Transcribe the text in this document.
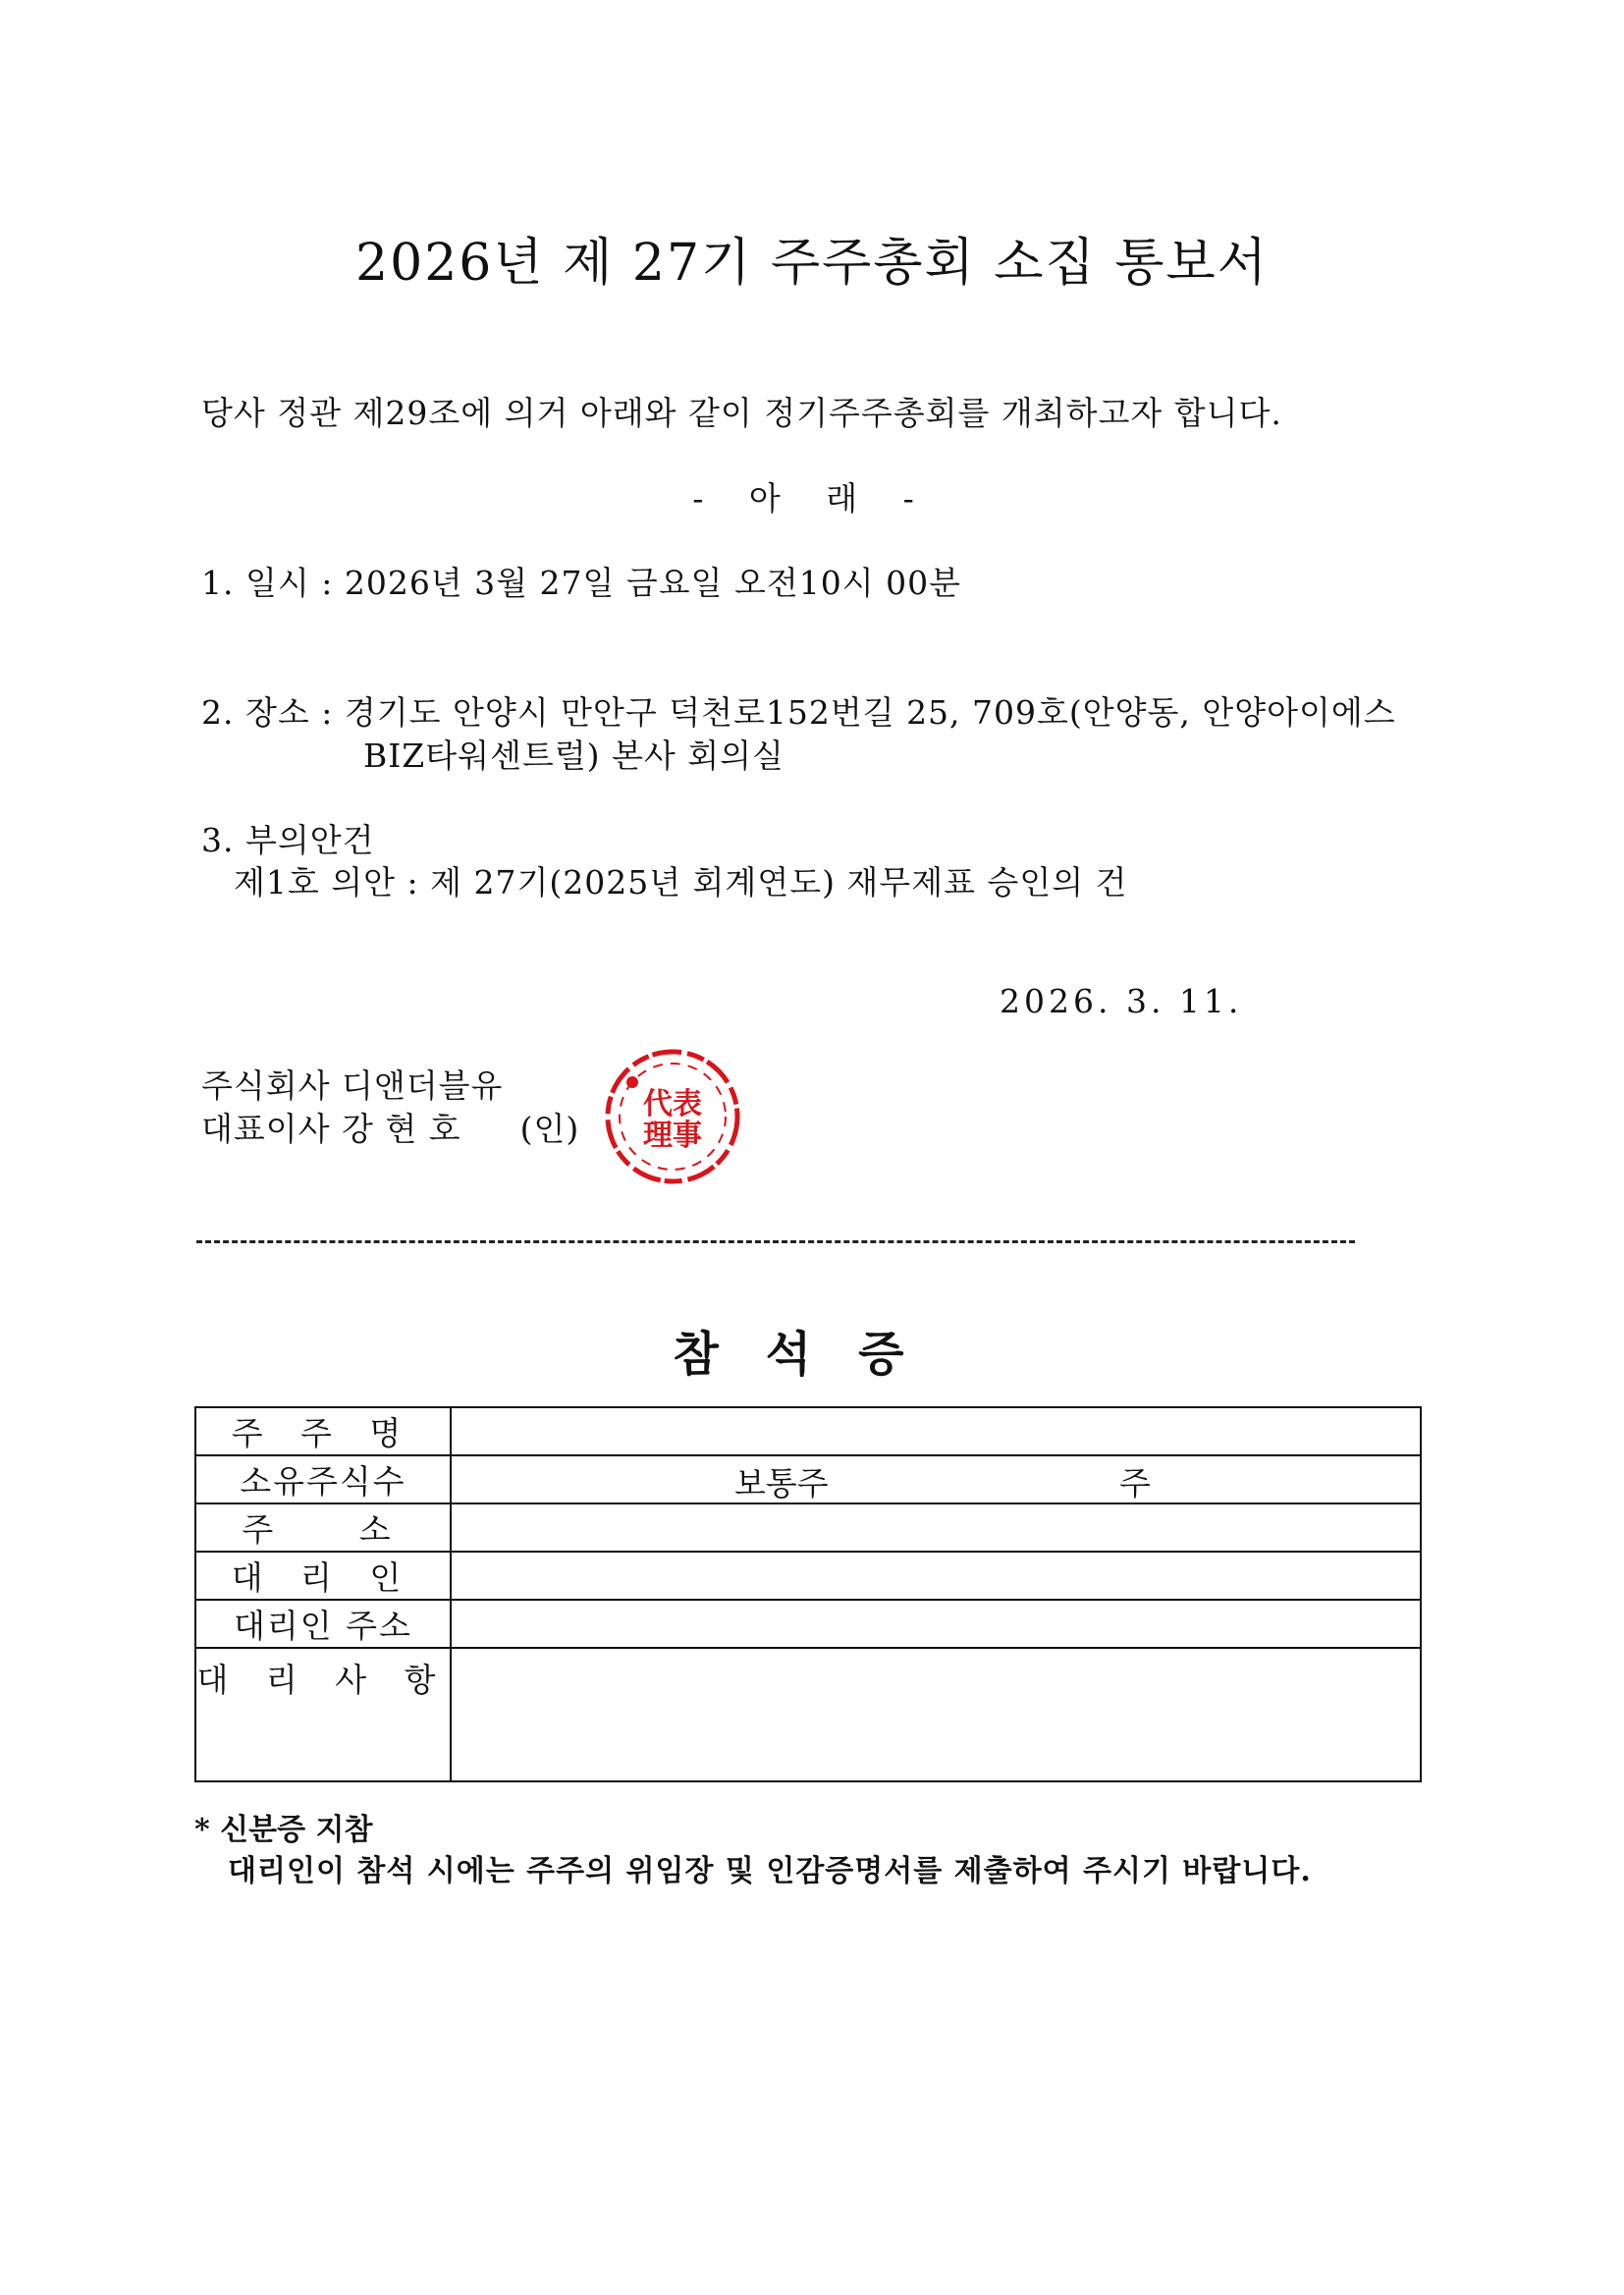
2026년 제 27기 주주총회 소집 통보서
당사 정관 제29조에 의거 아래와 같이 정기주주총회를 개최하고자 합니다.
- 아 래 -
1. 일시 : 2026년 3월 27일 금요일 오전10시 00분
2. 장소 : 경기도 안양시 만안구 덕천로152번길 25, 709호(안양동, 안양아이에스
BIZ타워센트럴) 본사 회의실
3. 부의안건
제1호 의안 : 제 27기(2025년 회계연도) 재무제표 승인의 건
2026. 3. 11.
주식회사 디앤더블유
대표이사 강 현 호 (인)
代表
理事
참석증
주 주 명	
소유주식수	보통주 주

주   소	
대 리 인	
대리인 주소	
대 리 사 항	
* 신분증 지참
대리인이 참석 시에는 주주의 위임장 및 인감증명서를 제출하여 주시기 바랍니다.
